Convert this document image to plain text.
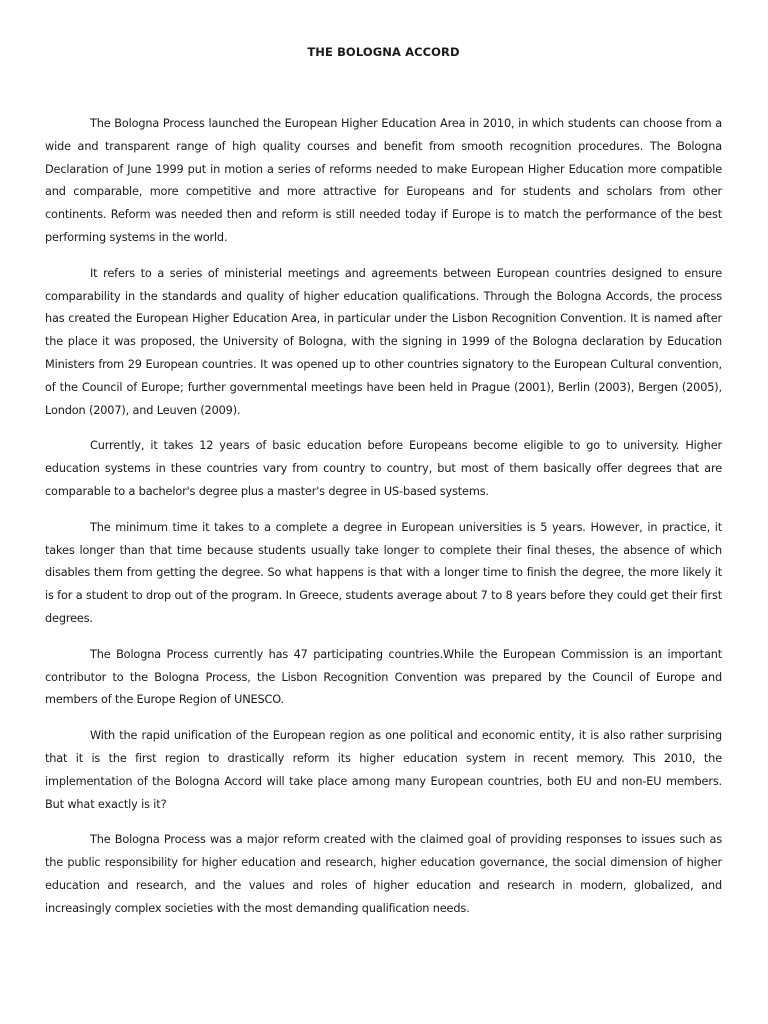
THE BOLOGNA ACCORD

The Bologna Process launched the European Higher Education Area in 2010, in which students can choose from a wide and transparent range of high quality courses and benefit from smooth recognition procedures. The Bologna Declaration of June 1999 put in motion a series of reforms needed to make European Higher Education more compatible and comparable, more competitive and more attractive for Europeans and for students and scholars from other continents. Reform was needed then and reform is still needed today if Europe is to match the performance of the best performing systems in the world.

It refers to a series of ministerial meetings and agreements between European countries designed to ensure comparability in the standards and quality of higher education qualifications. Through the Bologna Accords, the process has created the European Higher Education Area, in particular under the Lisbon Recognition Convention. It is named after the place it was proposed, the University of Bologna, with the signing in 1999 of the Bologna declaration by Education Ministers from 29 European countries. It was opened up to other countries signatory to the European Cultural convention, of the Council of Europe; further governmental meetings have been held in Prague (2001), Berlin (2003), Bergen (2005), London (2007), and Leuven (2009).

Currently, it takes 12 years of basic education before Europeans become eligible to go to university. Higher education systems in these countries vary from country to country, but most of them basically offer degrees that are comparable to a bachelor's degree plus a master's degree in US-based systems.

The minimum time it takes to a complete a degree in European universities is 5 years. However, in practice, it takes longer than that time because students usually take longer to complete their final theses, the absence of which disables them from getting the degree. So what happens is that with a longer time to finish the degree, the more likely it is for a student to drop out of the program. In Greece, students average about 7 to 8 years before they could get their first degrees.

The Bologna Process currently has 47 participating countries.While the European Commission is an important contributor to the Bologna Process, the Lisbon Recognition Convention was prepared by the Council of Europe and members of the Europe Region of UNESCO.

With the rapid unification of the European region as one political and economic entity, it is also rather surprising that it is the first region to drastically reform its higher education system in recent memory. This 2010, the implementation of the Bologna Accord will take place among many European countries, both EU and non-EU members. But what exactly is it?

The Bologna Process was a major reform created with the claimed goal of providing responses to issues such as the public responsibility for higher education and research, higher education governance, the social dimension of higher education and research, and the values and roles of higher education and research in modern, globalized, and increasingly complex societies with the most demanding qualification needs.
